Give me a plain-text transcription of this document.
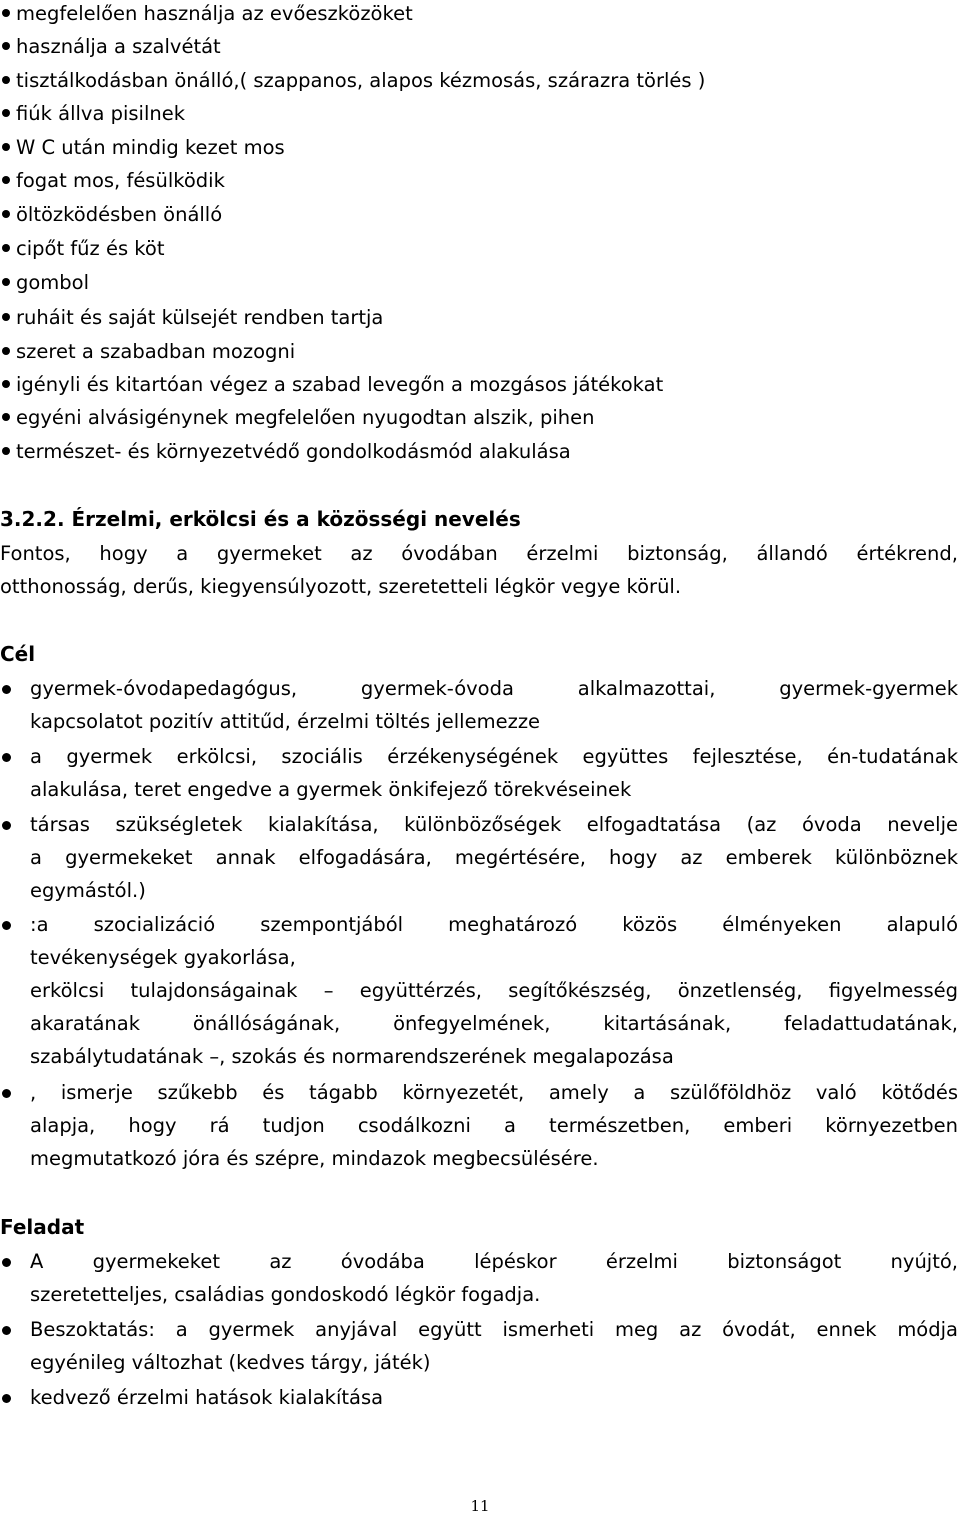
megfelelően használja az evőeszközöket
használja a szalvétát
tisztálkodásban önálló,( szappanos, alapos kézmosás, szárazra törlés )
fiúk állva pisilnek
W C után mindig kezet mos
fogat mos, fésülködik
öltözködésben önálló
cipőt fűz és köt
gombol
ruháit és saját külsejét rendben tartja
szeret a szabadban mozogni
igényli és kitartóan végez a szabad levegőn a mozgásos játékokat
egyéni alvásigénynek megfelelően nyugodtan alszik, pihen
természet- és környezetvédő gondolkodásmód alakulása
3.2.2. Érzelmi, erkölcsi és a közösségi nevelés
Fontos, hogy a gyermeket az óvodában érzelmi biztonság, állandó értékrend,
otthonosság, derűs, kiegyensúlyozott, szeretetteli légkör vegye körül.
Cél
gyermek-óvodapedagógus, gyermek-óvoda alkalmazottai, gyermek-gyermek
kapcsolatot pozitív attitűd, érzelmi töltés jellemezze
a gyermek erkölcsi, szociális érzékenységének együttes fejlesztése, én-tudatának
alakulása, teret engedve a gyermek önkifejező törekvéseinek
társas szükségletek kialakítása, különbözőségek elfogadtatása (az óvoda nevelje
a gyermekeket annak elfogadására, megértésére, hogy az emberek különböznek
egymástól.)
:a szocializáció szempontjából meghatározó közös élményeken alapuló
tevékenységek gyakorlása,
erkölcsi tulajdonságainak – együttérzés, segítőkészség, önzetlenség, figyelmesség
akaratának önállóságának, önfegyelmének, kitartásának, feladattudatának,
szabálytudatának –, szokás és normarendszerének megalapozása
, ismerje szűkebb és tágabb környezetét, amely a szülőföldhöz való kötődés
alapja, hogy rá tudjon csodálkozni a természetben, emberi környezetben
megmutatkozó jóra és szépre, mindazok megbecsülésére.
Feladat
A gyermekeket az óvodába lépéskor érzelmi biztonságot nyújtó,
szeretetteljes, családias gondoskodó légkör fogadja.
Beszoktatás: a gyermek anyjával együtt ismerheti meg az óvodát, ennek módja
egyénileg változhat (kedves tárgy, játék)
kedvező érzelmi hatások kialakítása
11
